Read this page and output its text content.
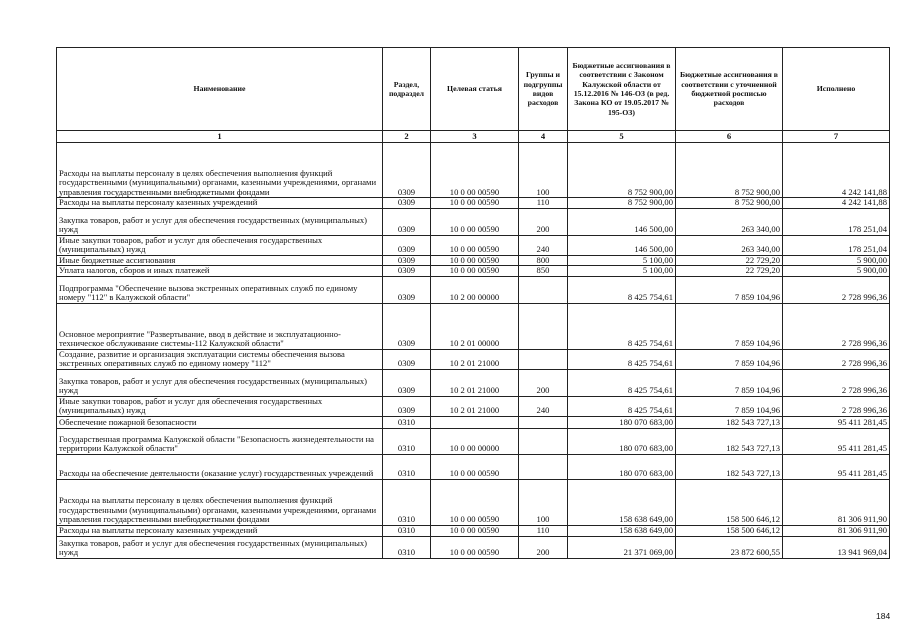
Наименование	Раздел, подраздел	Целевая статья	Группы и подгруппы видов расходов	Бюджетные ассигнования в соответствии с Законом Калужской области от 15.12.2016 № 146-ОЗ (в ред. Закона КО от 19.05.2017 № 195-ОЗ)	Бюджетные ассигнования в соответствии с уточненной бюджетной росписью расходов	Исполнено
1	2	3	4	5	6	7
Расходы на выплаты персоналу в целях обеспечения выполнения функций государственными (муниципальными) органами, казенными учреждениями, органами управления государственными внебюджетными фондами	0309	10 0 00 00590	100	8 752 900,00	8 752 900,00	4 242 141,88
Расходы на выплаты персоналу казенных учреждений	0309	10 0 00 00590	110	8 752 900,00	8 752 900,00	4 242 141,88
Закупка товаров, работ и услуг для обеспечения государственных (муниципальных) нужд	0309	10 0 00 00590	200	146 500,00	263 340,00	178 251,04
Иные закупки товаров, работ и услуг для обеспечения государственных (муниципальных) нужд	0309	10 0 00 00590	240	146 500,00	263 340,00	178 251,04
Иные бюджетные ассигнования	0309	10 0 00 00590	800	5 100,00	22 729,20	5 900,00
Уплата налогов, сборов и иных платежей	0309	10 0 00 00590	850	5 100,00	22 729,20	5 900,00
Подпрограмма "Обеспечение вызова экстренных оперативных служб по единому номеру "112" в Калужской области"	0309	10 2 00 00000		8 425 754,61	7 859 104,96	2 728 996,36
Основное мероприятие "Развертывание, ввод в действие и эксплуатационно-техническое обслуживание системы-112 Калужской области"	0309	10 2 01 00000		8 425 754,61	7 859 104,96	2 728 996,36
Создание, развитие и организация эксплуатации системы обеспечения вызова экстренных оперативных служб по единому номеру "112"	0309	10 2 01 21000		8 425 754,61	7 859 104,96	2 728 996,36
Закупка товаров, работ и услуг для обеспечения государственных (муниципальных) нужд	0309	10 2 01 21000	200	8 425 754,61	7 859 104,96	2 728 996,36
Иные закупки товаров, работ и услуг для обеспечения государственных (муниципальных) нужд	0309	10 2 01 21000	240	8 425 754,61	7 859 104,96	2 728 996,36
Обеспечение пожарной безопасности	0310			180 070 683,00	182 543 727,13	95 411 281,45
Государственная программа Калужской области "Безопасность жизнедеятельности на территории Калужской области"	0310	10 0 00 00000		180 070 683,00	182 543 727,13	95 411 281,45
Расходы на обеспечение деятельности (оказание услуг) государственных учреждений	0310	10 0 00 00590		180 070 683,00	182 543 727,13	95 411 281,45
Расходы на выплаты персоналу в целях обеспечения выполнения функций государственными (муниципальными) органами, казенными учреждениями, органами управления государственными внебюджетными фондами	0310	10 0 00 00590	100	158 638 649,00	158 500 646,12	81 306 911,90
Расходы на выплаты персоналу казенных учреждений	0310	10 0 00 00590	110	158 638 649,00	158 500 646,12	81 306 911,90
Закупка товаров, работ и услуг для обеспечения государственных (муниципальных) нужд	0310	10 0 00 00590	200	21 371 069,00	23 872 600,55	13 941 969,04
184
